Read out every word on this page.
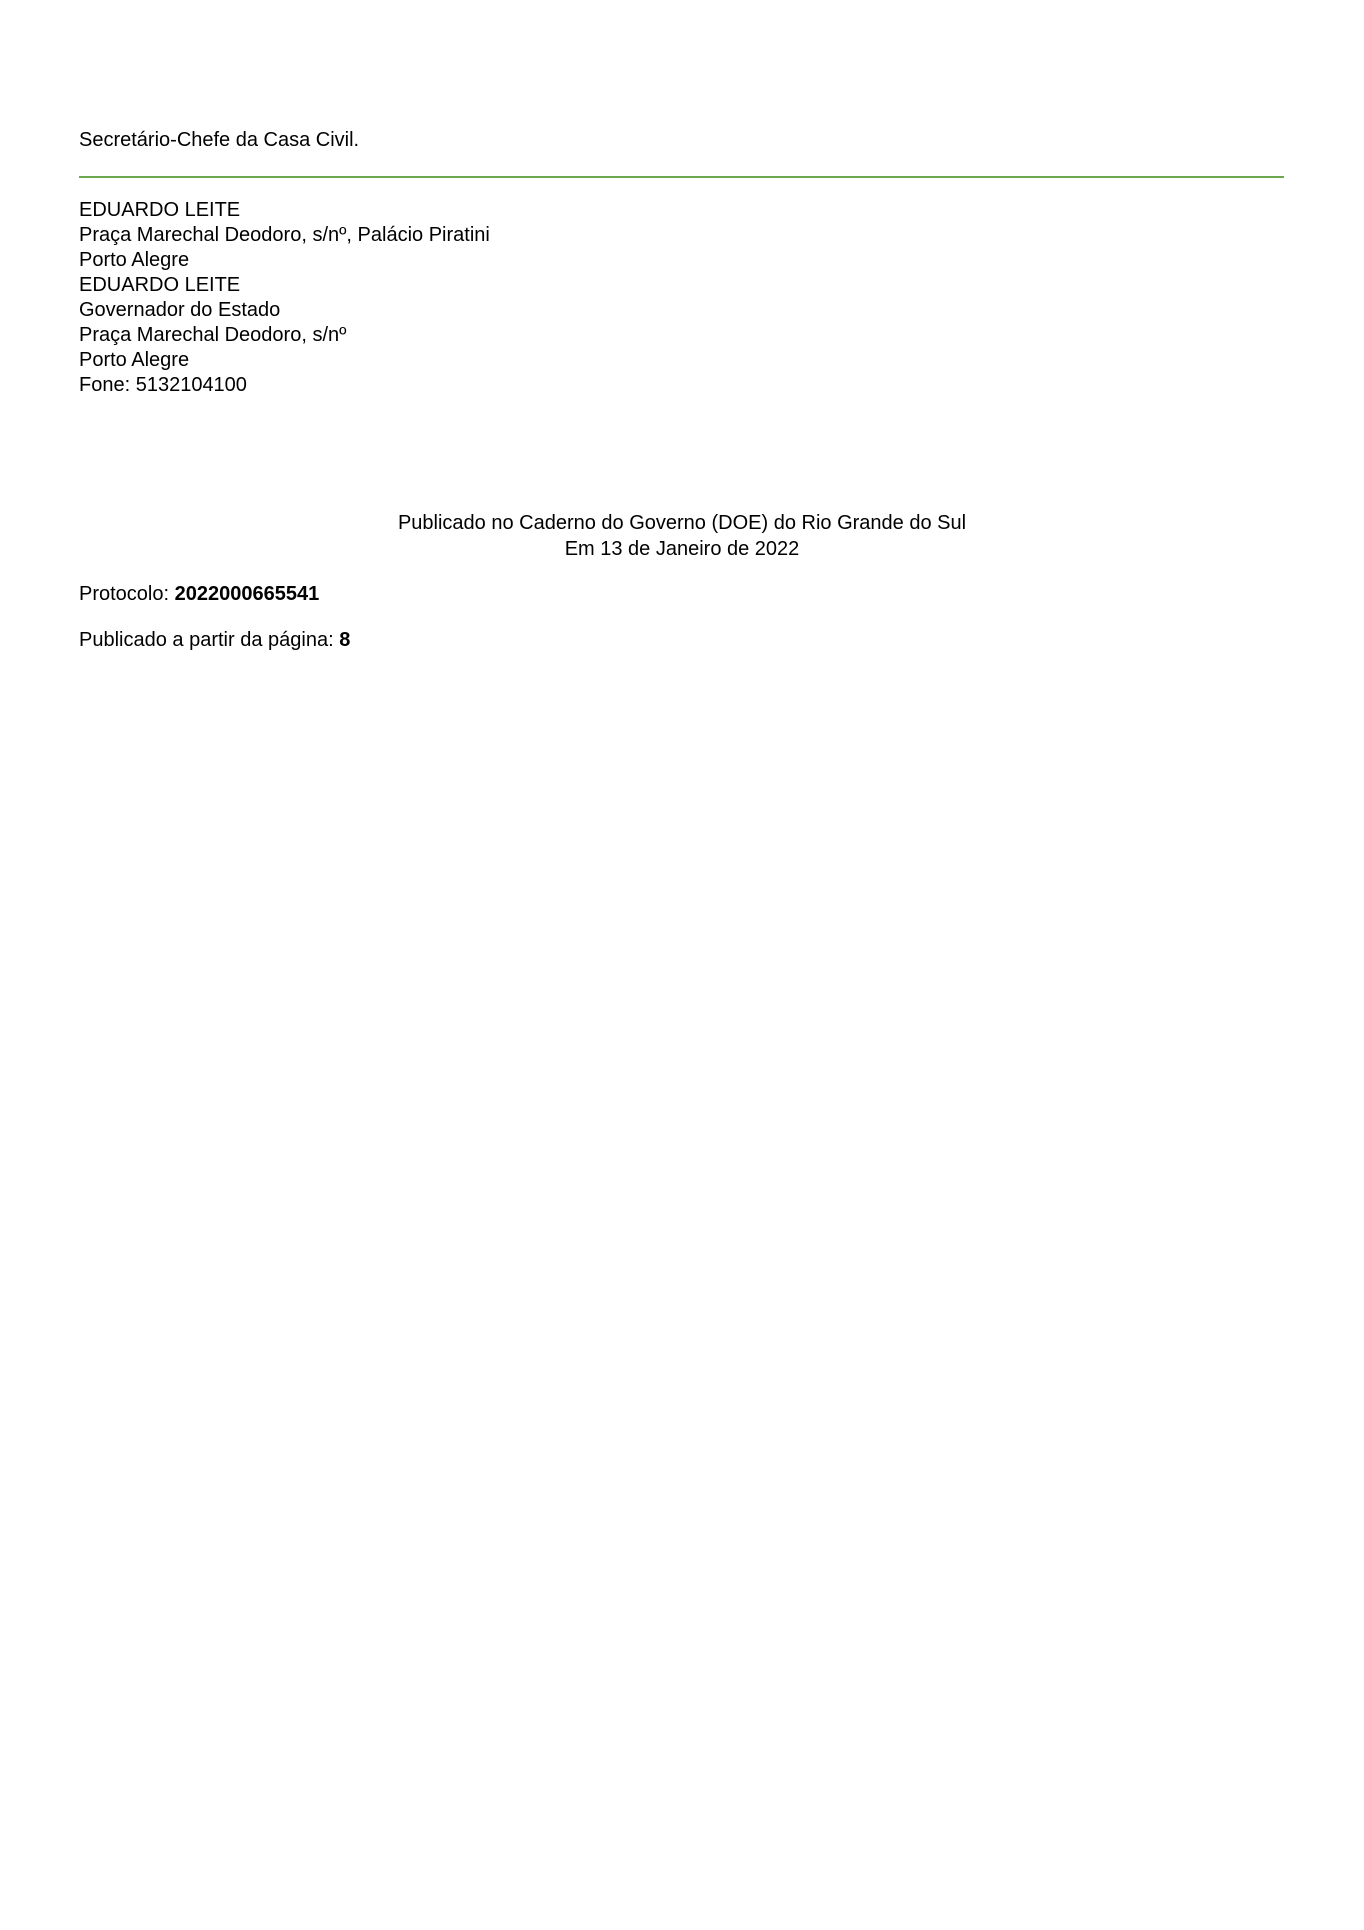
Secretário-Chefe da Casa Civil.
EDUARDO LEITE
Praça Marechal Deodoro, s/nº, Palácio Piratini
Porto Alegre
EDUARDO LEITE
Governador do Estado
Praça Marechal Deodoro, s/nº
Porto Alegre
Fone: 5132104100
Publicado no Caderno do Governo (DOE) do Rio Grande do Sul
Em 13 de Janeiro de 2022
Protocolo: 2022000665541
Publicado a partir da página: 8
